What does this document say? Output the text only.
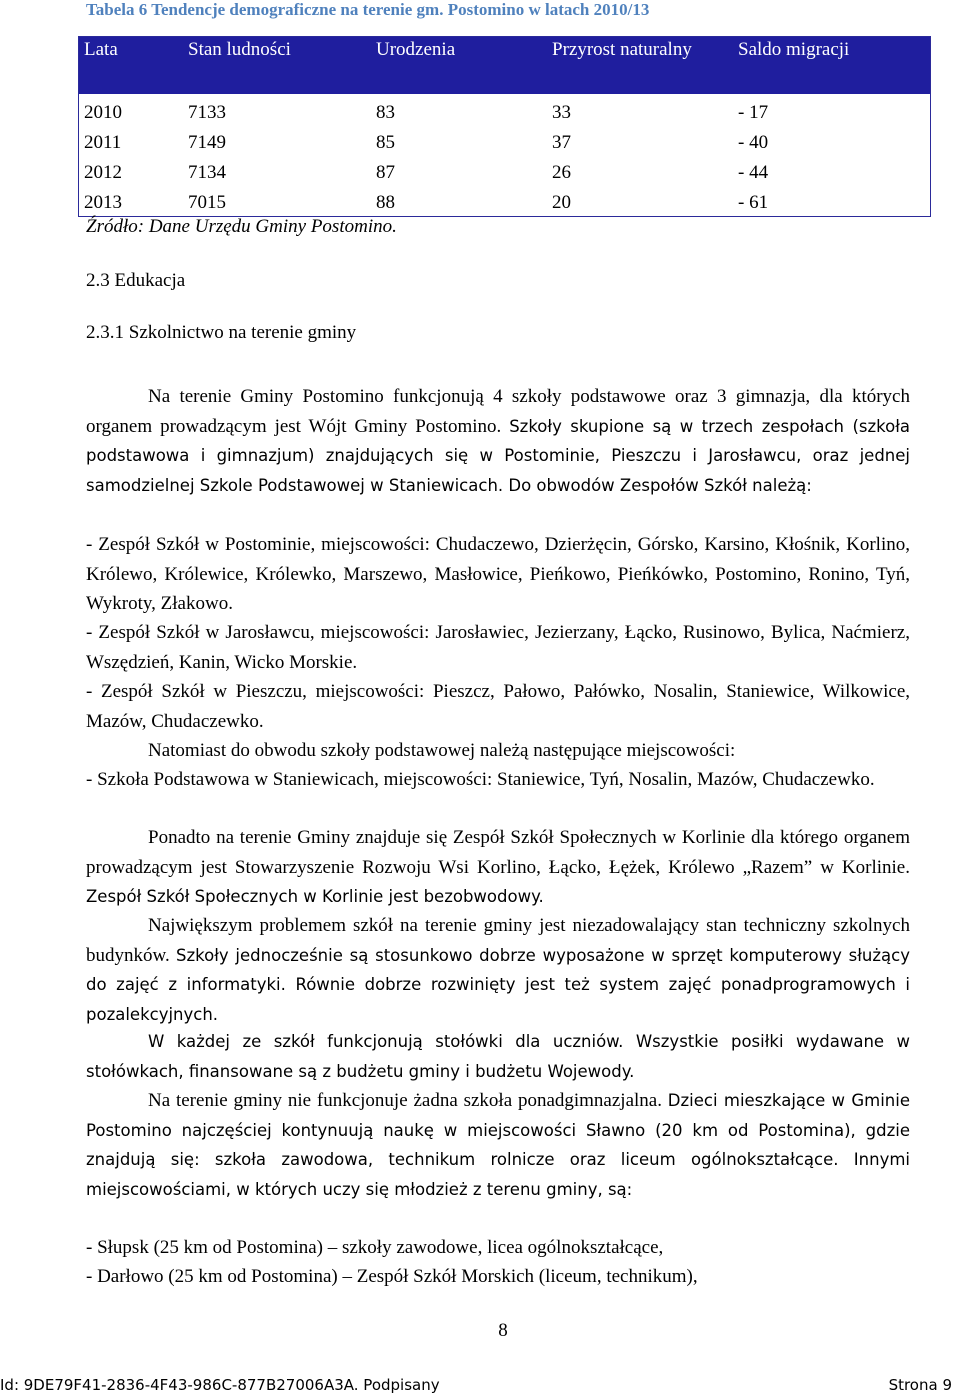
Tabela 6 Tendencje demograficzne na terenie gm. Postomino w latach 2010/13
Lata	Stan ludności	Urodzenia	Przyrost naturalny	Saldo migracji
2010	7133	83	33	- 17
2011	7149	85	37	- 40
2012	7134	87	26	- 44
2013	7015	88	20	- 61
Źródło: Dane Urzędu Gminy Postomino.
2.3 Edukacja
2.3.1 Szkolnictwo na terenie gminy
Na terenie Gminy Postomino funkcjonują 4 szkoły podstawowe oraz 3 gimnazja, dla których organem prowadzącym jest Wójt Gminy Postomino. Szkoły skupione są w trzech zespołach (szkoła podstawowa i gimnazjum) znajdujących się w Postominie, Pieszczu i Jarosławcu, oraz jednej samodzielnej Szkole Podstawowej w Staniewicach. Do obwodów Zespołów Szkół należą:
- Zespół Szkół w Postominie, miejscowości: Chudaczewo, Dzierżęcin, Górsko, Karsino, Kłośnik, Korlino, Królewo, Królewice, Królewko, Marszewo, Masłowice, Pieńkowo, Pieńkówko, Postomino, Ronino, Tyń, Wykroty, Złakowo.
- Zespół Szkół w Jarosławcu, miejscowości: Jarosławiec, Jezierzany, Łącko, Rusinowo, Bylica, Naćmierz, Wszędzień, Kanin, Wicko Morskie.
- Zespół Szkół w Pieszczu, miejscowości: Pieszcz, Pałowo, Pałówko, Nosalin, Staniewice, Wilkowice, Mazów, Chudaczewko.
Natomiast do obwodu szkoły podstawowej należą następujące miejscowości:
- Szkoła Podstawowa w Staniewicach, miejscowości: Staniewice, Tyń, Nosalin, Mazów, Chudaczewko.
Ponadto na terenie Gminy znajduje się Zespół Szkół Społecznych w Korlinie dla którego organem prowadzącym jest Stowarzyszenie Rozwoju Wsi Korlino, Łącko, Łężek, Królewo „Razem” w Korlinie. Zespół Szkół Społecznych w Korlinie jest bezobwodowy.
Największym problemem szkół na terenie gminy jest niezadowalający stan techniczny szkolnych budynków. Szkoły jednocześnie są stosunkowo dobrze wyposażone w sprzęt komputerowy służący do zajęć z informatyki. Równie dobrze rozwinięty jest też system zajęć ponadprogramowych i pozalekcyjnych.
W każdej ze szkół funkcjonują stołówki dla uczniów. Wszystkie posiłki wydawane w stołówkach, finansowane są z budżetu gminy i budżetu Wojewody.
Na terenie gminy nie funkcjonuje żadna szkoła ponadgimnazjalna. Dzieci mieszkające w Gminie Postomino najczęściej kontynuują naukę w miejscowości Sławno (20 km od Postomina), gdzie znajdują się: szkoła zawodowa, technikum rolnicze oraz liceum ogólnokształcące. Innymi miejscowościami, w których uczy się młodzież z terenu gminy, są:
- Słupsk (25 km od Postomina) – szkoły zawodowe, licea ogólnokształcące,
- Darłowo (25 km od Postomina) – Zespół Szkół Morskich (liceum, technikum),
8
Id: 9DE79F41-2836-4F43-986C-877B27006A3A. Podpisany	Strona 9
